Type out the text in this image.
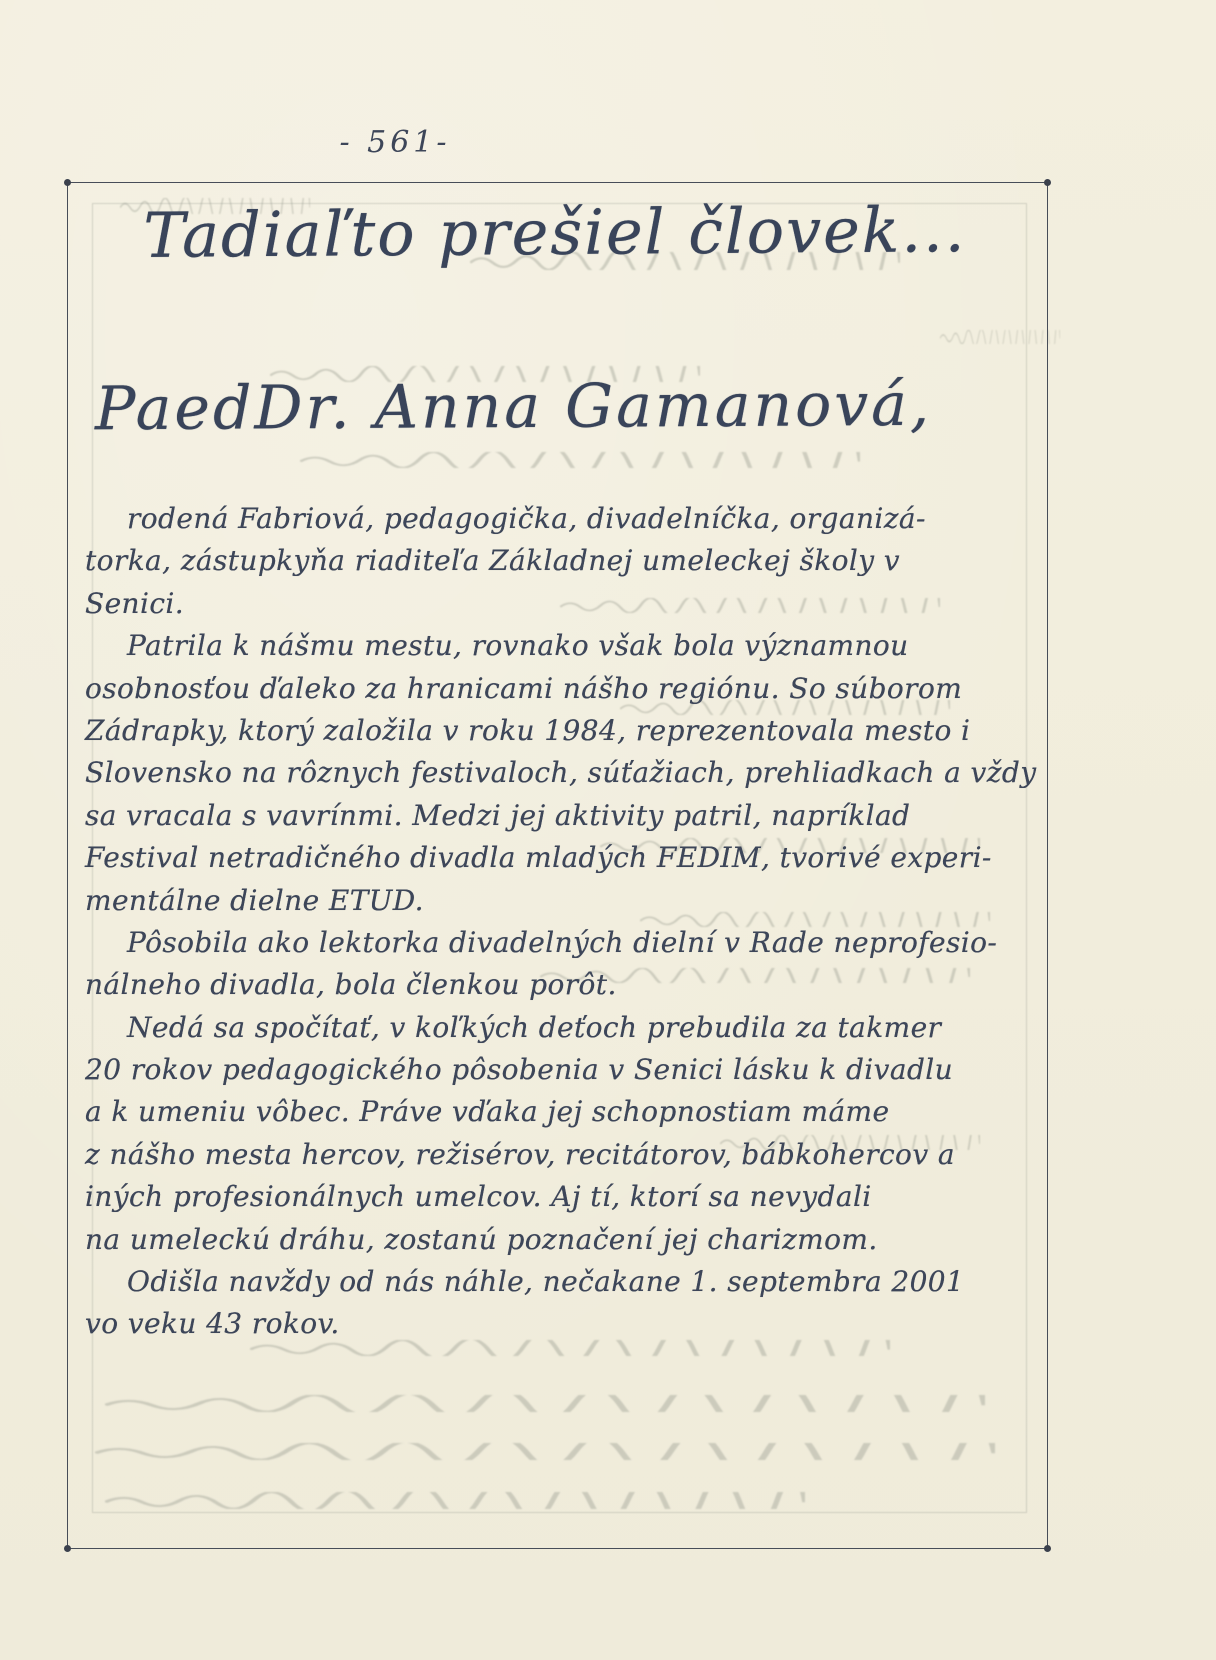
- 561-
Tadiaľto prešiel človek...
PaedDr. Anna Gamanová,
rodená Fabriová, pedagogička, divadelníčka, organizá-
torka, zástupkyňa riaditeľa Základnej umeleckej školy v
Senici.
Patrila k nášmu mestu, rovnako však bola významnou
osobnosťou ďaleko za hranicami nášho regiónu. So súborom
Zádrapky, ktorý založila v roku 1984, reprezentovala mesto i
Slovensko na rôznych festivaloch, súťažiach, prehliadkach a vždy
sa vracala s vavrínmi. Medzi jej aktivity patril, napríklad
Festival netradičného divadla mladých FEDIM, tvorivé experi-
mentálne dielne ETUD.
Pôsobila ako lektorka divadelných dielní v Rade neprofesio-
nálneho divadla, bola členkou porôt.
Nedá sa spočítať, v koľkých deťoch prebudila za takmer
20 rokov pedagogického pôsobenia v Senici lásku k divadlu
a k umeniu vôbec. Práve vďaka jej schopnostiam máme
z nášho mesta hercov, režisérov, recitátorov, bábkohercov a
iných profesionálnych umelcov. Aj tí, ktorí sa nevydali
na umeleckú dráhu, zostanú poznačení jej charizmom.
Odišla navždy od nás náhle, nečakane 1. septembra 2001
vo veku 43 rokov.
